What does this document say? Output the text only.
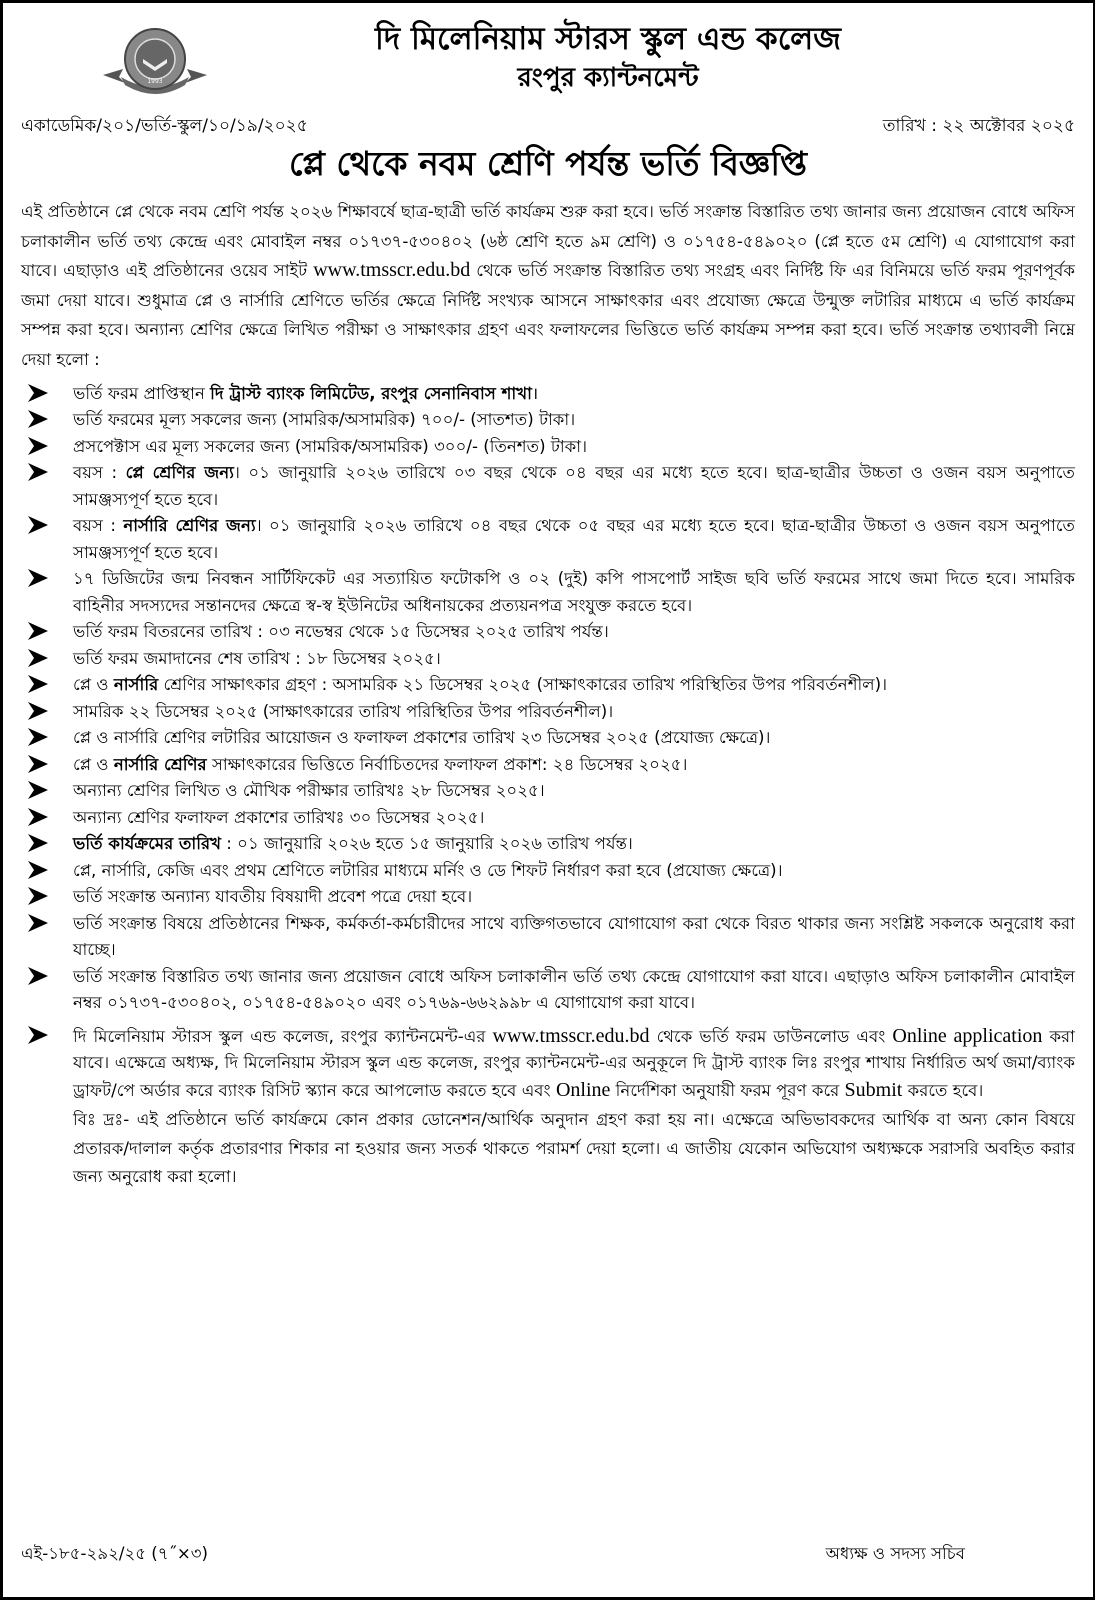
1993
দি মিলেনিয়াম স্টারস স্কুল এন্ড কলেজ
রংপুর ক্যান্টনমেন্ট
একাডেমিক/২০১/ভর্তি-স্কুল/১০/১৯/২০২৫	তারিখ : ২২ অক্টোবর ২০২৫
প্লে থেকে নবম শ্রেণি পর্যন্ত ভর্তি বিজ্ঞপ্তি

এই প্রতিষ্ঠানে প্লে থেকে নবম শ্রেণি পর্যন্ত ২০২৬ শিক্ষাবর্ষে ছাত্র-ছাত্রী ভর্তি কার্যক্রম শুরু করা হবে। ভর্তি সংক্রান্ত বিস্তারিত তথ্য জানার জন্য প্রয়োজন বোধে অফিস চলাকালীন ভর্তি তথ্য কেন্দ্রে এবং মোবাইল নম্বর ০১৭৩৭-৫৩০৪০২ (৬ষ্ঠ শ্রেণি হতে ৯ম শ্রেণি) ও ০১৭৫৪-৫৪৯০২০ (প্লে হতে ৫ম শ্রেণি) এ যোগাযোগ করা যাবে। এছাড়াও এই প্রতিষ্ঠানের ওয়েব সাইট www.tmsscr.edu.bd থেকে ভর্তি সংক্রান্ত বিস্তারিত তথ্য সংগ্রহ এবং নির্দিষ্ট ফি এর বিনিময়ে ভর্তি ফরম পূরণপূর্বক জমা দেয়া যাবে। শুধুমাত্র প্লে ও নার্সারি শ্রেণিতে ভর্তির ক্ষেত্রে নির্দিষ্ট সংখ্যক আসনে সাক্ষাৎকার এবং প্রযোজ্য ক্ষেত্রে উন্মুক্ত লটারির মাধ্যমে এ ভর্তি কার্যক্রম সম্পন্ন করা হবে। অন্যান্য শ্রেণির ক্ষেত্রে লিখিত পরীক্ষা ও সাক্ষাৎকার গ্রহণ এবং ফলাফলের ভিত্তিতে ভর্তি কার্যক্রম সম্পন্ন করা হবে। ভর্তি সংক্রান্ত তথ্যাবলী নিম্নে দেয়া হলো :

ভর্তি ফরম প্রাপ্তিস্থান দি ট্রাস্ট ব্যাংক লিমিটেড, রংপুর সেনানিবাস শাখা।
ভর্তি ফরমের মূল্য সকলের জন্য (সামরিক/অসামরিক) ৭০০/- (সাতশত) টাকা।
প্রসপেক্টাস এর মূল্য সকলের জন্য (সামরিক/অসামরিক) ৩০০/- (তিনশত) টাকা।
বয়স : প্লে শ্রেণির জন্য। ০১ জানুয়ারি ২০২৬ তারিখে ০৩ বছর থেকে ০৪ বছর এর মধ্যে হতে হবে। ছাত্র-ছাত্রীর উচ্চতা ও ওজন বয়স অনুপাতে সামঞ্জস্যপূর্ণ হতে হবে।
বয়স : নার্সারি শ্রেণির জন্য। ০১ জানুয়ারি ২০২৬ তারিখে ০৪ বছর থেকে ০৫ বছর এর মধ্যে হতে হবে। ছাত্র-ছাত্রীর উচ্চতা ও ওজন বয়স অনুপাতে সামঞ্জস্যপূর্ণ হতে হবে।
১৭ ডিজিটের জন্ম নিবন্ধন সার্টিফিকেট এর সত্যায়িত ফটোকপি ও ০২ (দুই) কপি পাসপোর্ট সাইজ ছবি ভর্তি ফরমের সাথে জমা দিতে হবে। সামরিক বাহিনীর সদস্যদের সন্তানদের ক্ষেত্রে স্ব-স্ব ইউনিটের অধিনায়কের প্রত্যয়নপত্র সংযুক্ত করতে হবে।
ভর্তি ফরম বিতরনের তারিখ : ০৩ নভেম্বর থেকে ১৫ ডিসেম্বর ২০২৫ তারিখ পর্যন্ত।
ভর্তি ফরম জমাদানের শেষ তারিখ : ১৮ ডিসেম্বর ২০২৫।
প্লে ও নার্সারি শ্রেণির সাক্ষাৎকার গ্রহণ : অসামরিক ২১ ডিসেম্বর ২০২৫ (সাক্ষাৎকারের তারিখ পরিস্থিতির উপর পরিবর্তনশীল)।
সামরিক ২২ ডিসেম্বর ২০২৫ (সাক্ষাৎকারের তারিখ পরিস্থিতির উপর পরিবর্তনশীল)।
প্লে ও নার্সারি শ্রেণির লটারির আয়োজন ও ফলাফল প্রকাশের তারিখ ২৩ ডিসেম্বর ২০২৫ (প্রযোজ্য ক্ষেত্রে)।
প্লে ও নার্সারি শ্রেণির সাক্ষাৎকারের ভিত্তিতে নির্বাচিতদের ফলাফল প্রকাশ: ২৪ ডিসেম্বর ২০২৫।
অন্যান্য শ্রেণির লিখিত ও মৌখিক পরীক্ষার তারিখঃ ২৮ ডিসেম্বর ২০২৫।
অন্যান্য শ্রেণির ফলাফল প্রকাশের তারিখঃ ৩০ ডিসেম্বর ২০২৫।
ভর্তি কার্যক্রমের তারিখ : ০১ জানুয়ারি ২০২৬ হতে ১৫ জানুয়ারি ২০২৬ তারিখ পর্যন্ত।
প্লে, নার্সারি, কেজি এবং প্রথম শ্রেণিতে লটারির মাধ্যমে মর্নিং ও ডে শিফট নির্ধারণ করা হবে (প্রযোজ্য ক্ষেত্রে)।
ভর্তি সংক্রান্ত অন্যান্য যাবতীয় বিষয়াদী প্রবেশ পত্রে দেয়া হবে।
ভর্তি সংক্রান্ত বিষয়ে প্রতিষ্ঠানের শিক্ষক, কর্মকর্তা-কর্মচারীদের সাথে ব্যক্তিগতভাবে যোগাযোগ করা থেকে বিরত থাকার জন্য সংশ্লিষ্ট সকলকে অনুরোধ করা যাচ্ছে।
ভর্তি সংক্রান্ত বিস্তারিত তথ্য জানার জন্য প্রয়োজন বোধে অফিস চলাকালীন ভর্তি তথ্য কেন্দ্রে যোগাযোগ করা যাবে। এছাড়াও অফিস চলাকালীন মোবাইল নম্বর ০১৭৩৭-৫৩০৪০২, ০১৭৫৪-৫৪৯০২০ এবং ০১৭৬৯-৬৬২৯৯৮ এ যোগাযোগ করা যাবে।
দি মিলেনিয়াম স্টারস স্কুল এন্ড কলেজ, রংপুর ক্যান্টনমেন্ট-এর www.tmsscr.edu.bd থেকে ভর্তি ফরম ডাউনলোড এবং Online application করা যাবে। এক্ষেত্রে অধ্যক্ষ, দি মিলেনিয়াম স্টারস স্কুল এন্ড কলেজ, রংপুর ক্যান্টনমেন্ট-এর অনুকূলে দি ট্রাস্ট ব্যাংক লিঃ রংপুর শাখায় নির্ধারিত অর্থ জমা/ব্যাংক ড্রাফট/পে অর্ডার করে ব্যাংক রিসিট স্ক্যান করে আপলোড করতে হবে এবং Online নির্দেশিকা অনুযায়ী ফরম পূরণ করে Submit করতে হবে।

বিঃ দ্রঃ- এই প্রতিষ্ঠানে ভর্তি কার্যক্রমে কোন প্রকার ডোনেশন/আর্থিক অনুদান গ্রহণ করা হয় না। এক্ষেত্রে অভিভাবকদের আর্থিক বা অন্য কোন বিষয়ে প্রতারক/দালাল কর্তৃক প্রতারণার শিকার না হওয়ার জন্য সতর্ক থাকতে পরামর্শ দেয়া হলো। এ জাতীয় যেকোন অভিযোগ অধ্যক্ষকে সরাসরি অবহিত করার জন্য অনুরোধ করা হলো।

এই-১৮৫-২৯২/২৫ (৭˝×৩)	অধ্যক্ষ ও সদস্য সচিব
